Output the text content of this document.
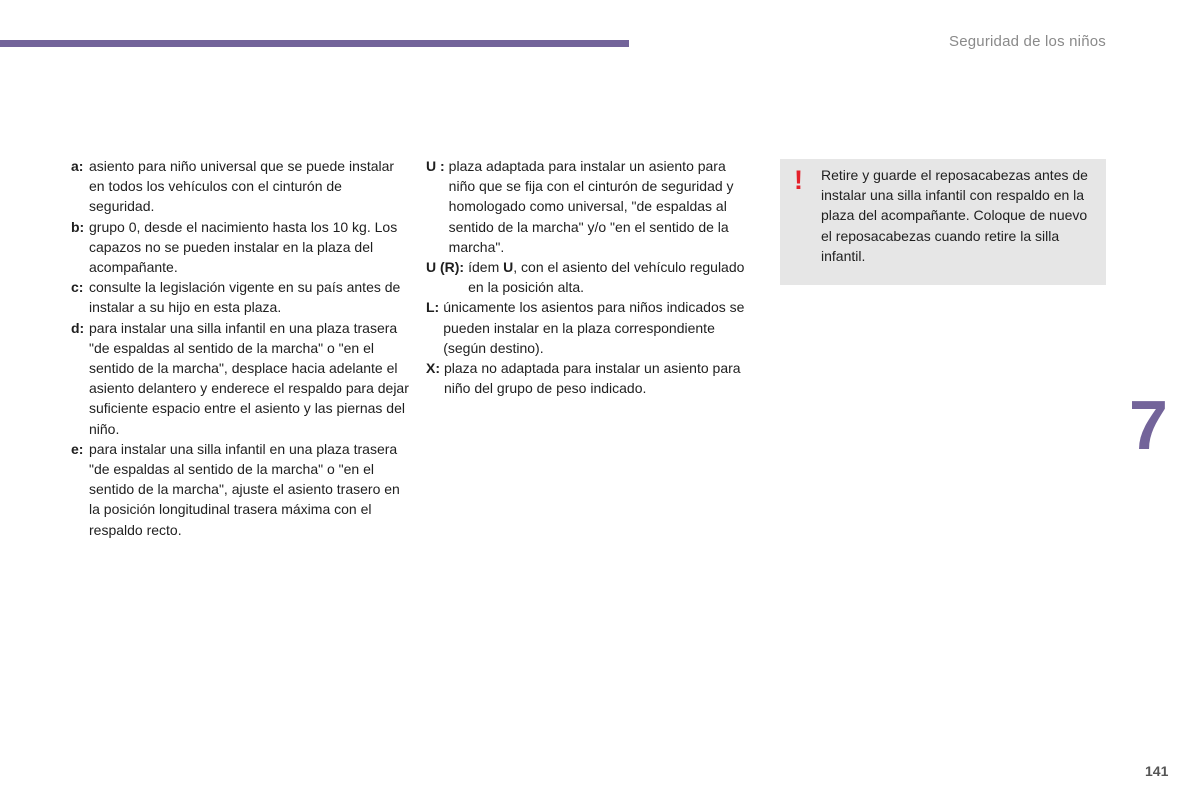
Seguridad de los niños

a: asiento para niño universal que se puede instalar en todos los vehículos con el cinturón de seguridad.

b: grupo 0, desde el nacimiento hasta los 10 kg. Los capazos no se pueden instalar en la plaza del acompañante.

c: consulte la legislación vigente en su país antes de instalar a su hijo en esta plaza.

d: para instalar una silla infantil en una plaza trasera "de espaldas al sentido de la marcha" o "en el sentido de la marcha", desplace hacia adelante el asiento delantero y enderece el respaldo para dejar suficiente espacio entre el asiento y las piernas del niño.

e: para instalar una silla infantil en una plaza trasera "de espaldas al sentido de la marcha" o "en el sentido de la marcha", ajuste el asiento trasero en la posición longitudinal trasera máxima con el respaldo recto.

U : plaza adaptada para instalar un asiento para niño que se fija con el cinturón de seguridad y homologado como universal, "de espaldas al sentido de la marcha" y/o "en el sentido de la marcha".

U (R): ídem U, con el asiento del vehículo regulado en la posición alta.

L: únicamente los asientos para niños indicados se pueden instalar en la plaza correspondiente (según destino).

X: plaza no adaptada para instalar un asiento para niño del grupo de peso indicado.

! Retire y guarde el reposacabezas antes de instalar una silla infantil con respaldo en la plaza del acompañante. Coloque de nuevo el reposacabezas cuando retire la silla infantil.
7
141
